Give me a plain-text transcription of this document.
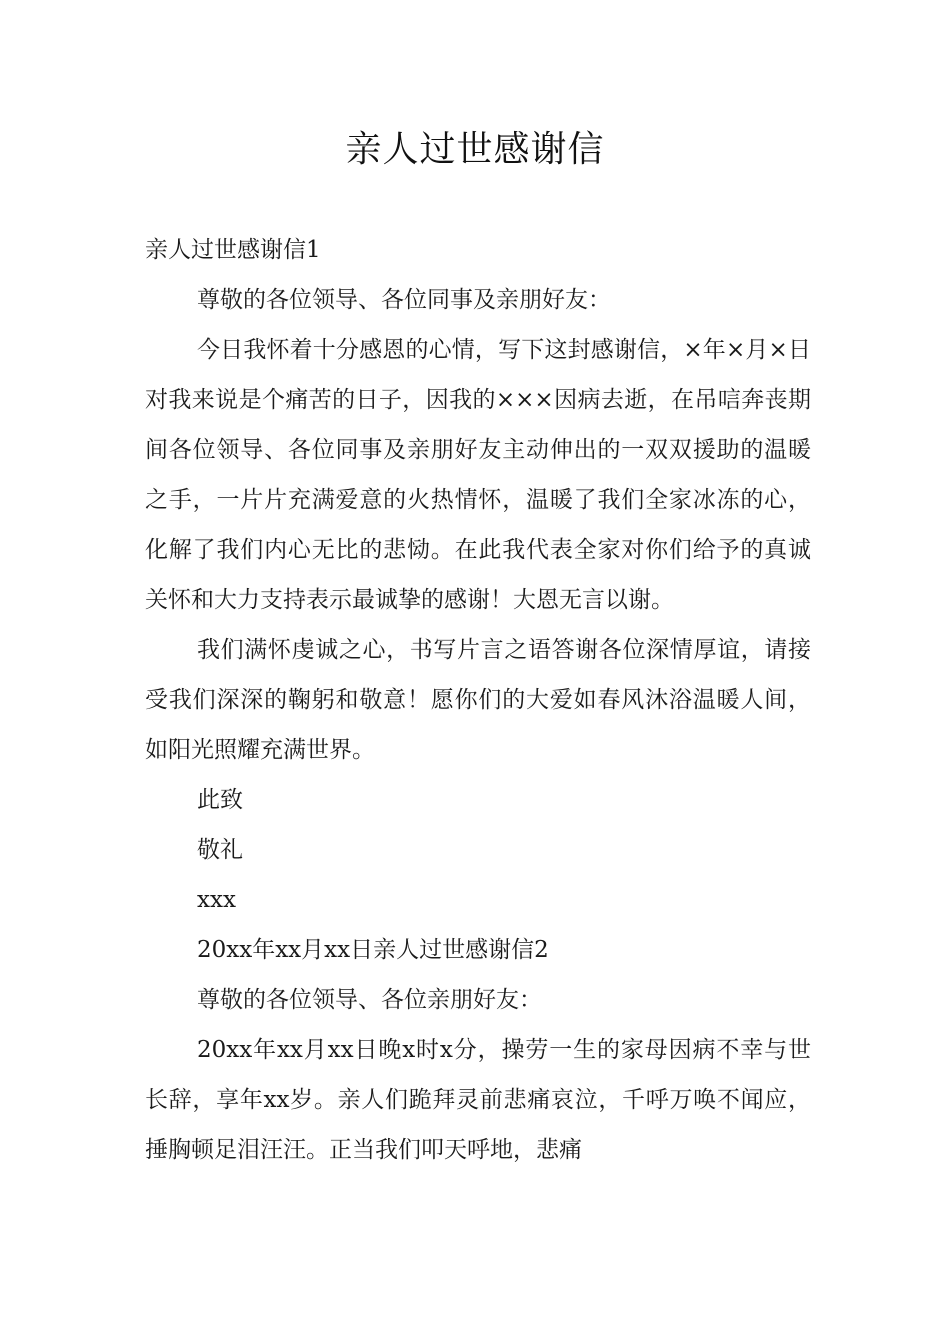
亲人过世感谢信

亲人过世感谢信1

尊敬的各位领导、各位同事及亲朋好友：

今日我怀着十分感恩的心情，写下这封感谢信，×年×月×日对我来说是个痛苦的日子，因我的×××因病去逝，在吊唁奔丧期间各位领导、各位同事及亲朋好友主动伸出的一双双援助的温暖之手，一片片充满爱意的火热情怀，温暖了我们全家冰冻的心，化解了我们内心无比的悲恸。在此我代表全家对你们给予的真诚关怀和大力支持表示最诚挚的感谢！大恩无言以谢。

我们满怀虔诚之心，书写片言之语答谢各位深情厚谊，请接受我们深深的鞠躬和敬意！愿你们的大爱如春风沐浴温暖人间，如阳光照耀充满世界。

此致

敬礼

xxx

20xx年xx月xx日亲人过世感谢信2

尊敬的各位领导、各位亲朋好友：

20xx年xx月xx日晚x时x分，操劳一生的家母因病不幸与世长辞，享年xx岁。亲人们跪拜灵前悲痛哀泣，千呼万唤不闻应，捶胸顿足泪汪汪。正当我们叩天呼地，悲痛
